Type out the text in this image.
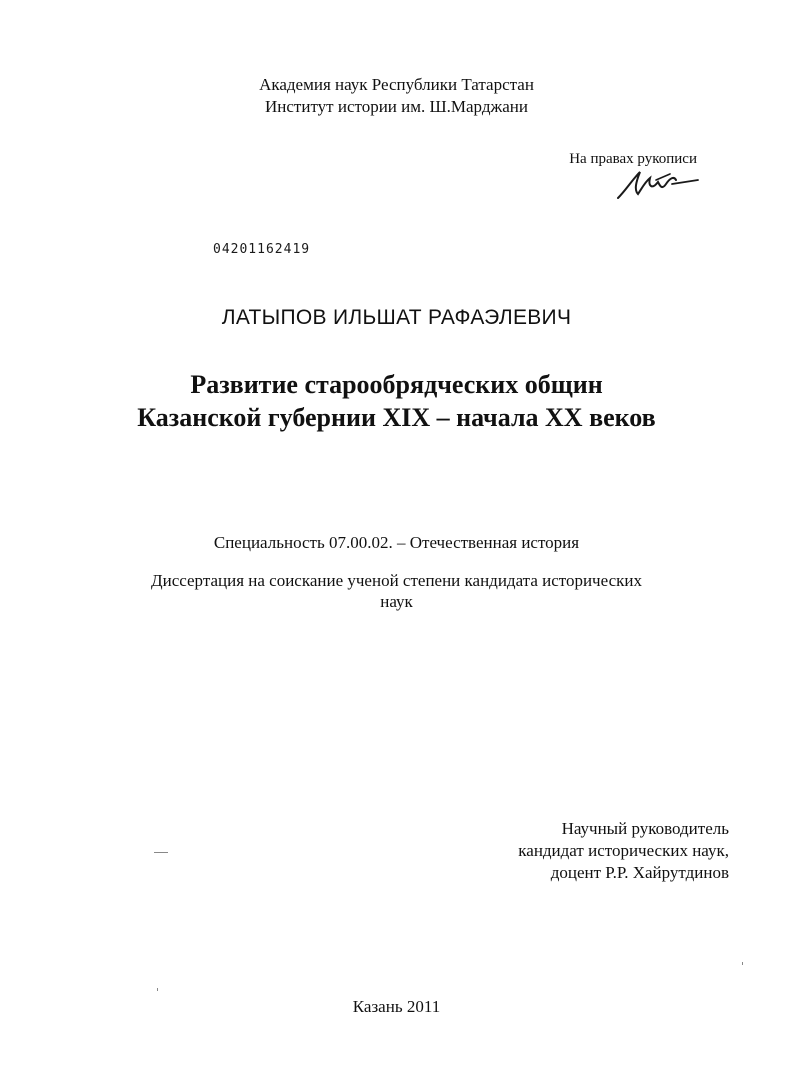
Академия наук Республики Татарстан
Институт истории им. Ш.Марджани
На правах рукописи
04201162419
ЛАТЫПОВ ИЛЬШАТ РАФАЭЛЕВИЧ
Развитие старообрядческих общин
Казанской губернии XIX – начала XX веков
Специальность 07.00.02. – Отечественная история
Диссертация на соискание ученой степени кандидата исторических
наук
Научный руководитель
кандидат исторических наук,
доцент Р.Р. Хайрутдинов
Казань 2011
